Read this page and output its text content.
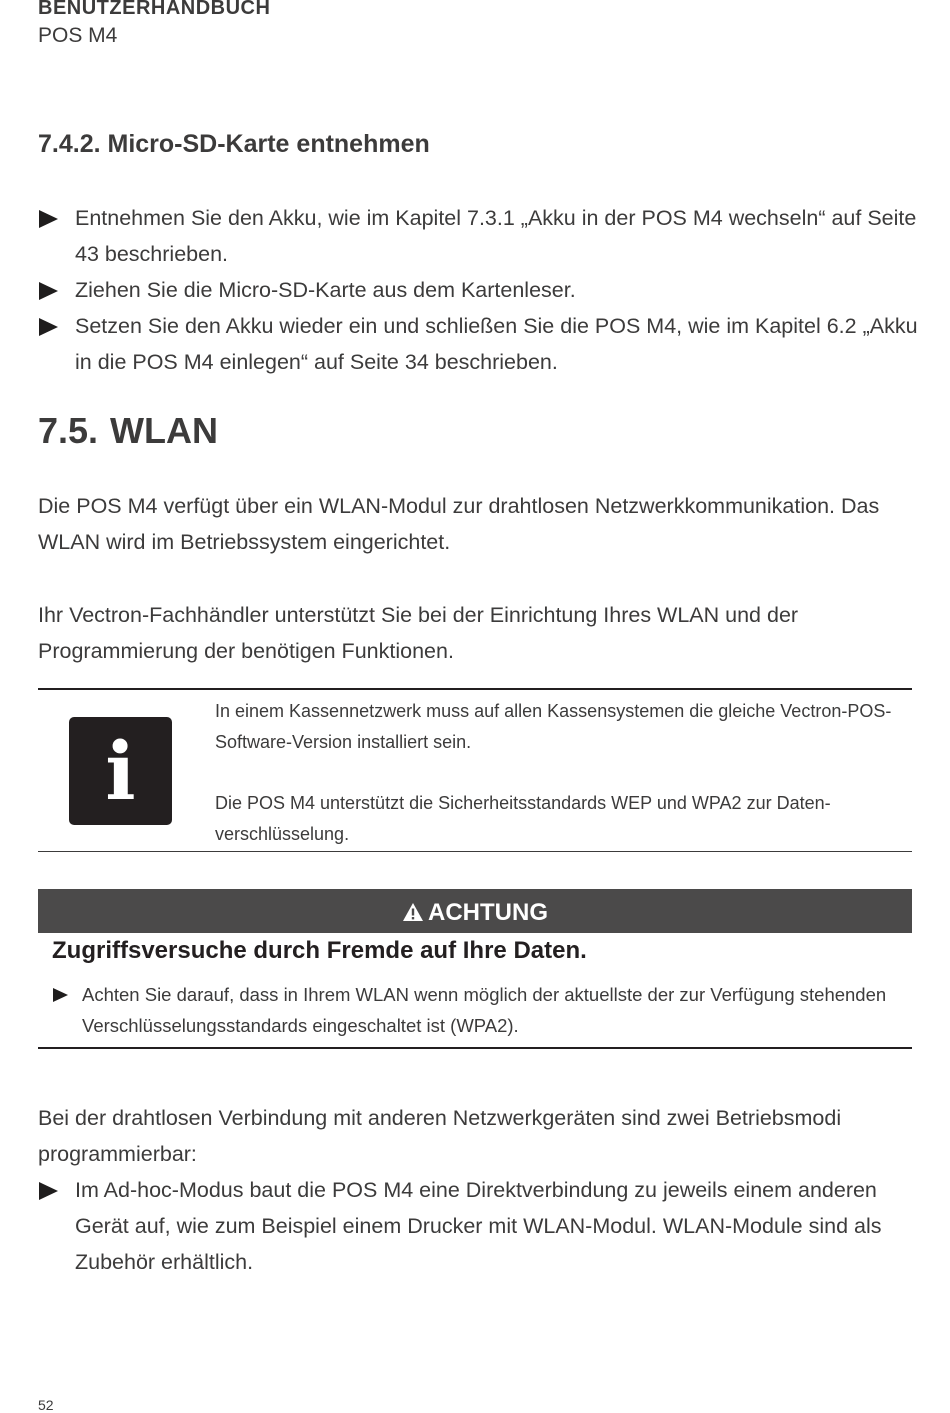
BENUTZERHANDBUCH
POS M4
7.4.2. Micro-SD-Karte entnehmen
Entnehmen Sie den Akku, wie im Kapitel 7.3.1 „Akku in der POS M4 wechseln“ auf Seite 43 beschrieben.
Ziehen Sie die Micro-SD-Karte aus dem Kartenleser.
Setzen Sie den Akku wieder ein und schließen Sie die POS M4, wie im Kapitel 6.2 „Akku in die POS M4 einlegen“ auf Seite 34 beschrieben.
7.5. WLAN

Die POS M4 verfügt über ein WLAN-Modul zur drahtlosen Netzwerkkommunikation. Das WLAN wird im Betriebssystem eingerichtet.

Ihr Vectron-Fachhändler unterstützt Sie bei der Einrichtung Ihres WLAN und der Programmierung der benötigen Funktionen.

i

In einem Kassennetzwerk muss auf allen Kassensystemen die gleiche Vectron-POS-Software-Version installiert sein.

Die POS M4 unterstützt die Sicherheitsstandards WEP und WPA2 zur Datenverschlüsselung.

ACHTUNG
Zugriffsversuche durch Fremde auf Ihre Daten.
Achten Sie darauf, dass in Ihrem WLAN wenn möglich der aktuellste der zur Verfügung stehenden Verschlüsselungsstandards eingeschaltet ist (WPA2).

Bei der drahtlosen Verbindung mit anderen Netzwerkgeräten sind zwei Betriebsmodi programmierbar:

Im Ad-hoc-Modus baut die POS M4 eine Direktverbindung zu jeweils einem anderen Gerät auf, wie zum Beispiel einem Drucker mit WLAN-Modul. WLAN-Module sind als Zubehör erhältlich.
52
